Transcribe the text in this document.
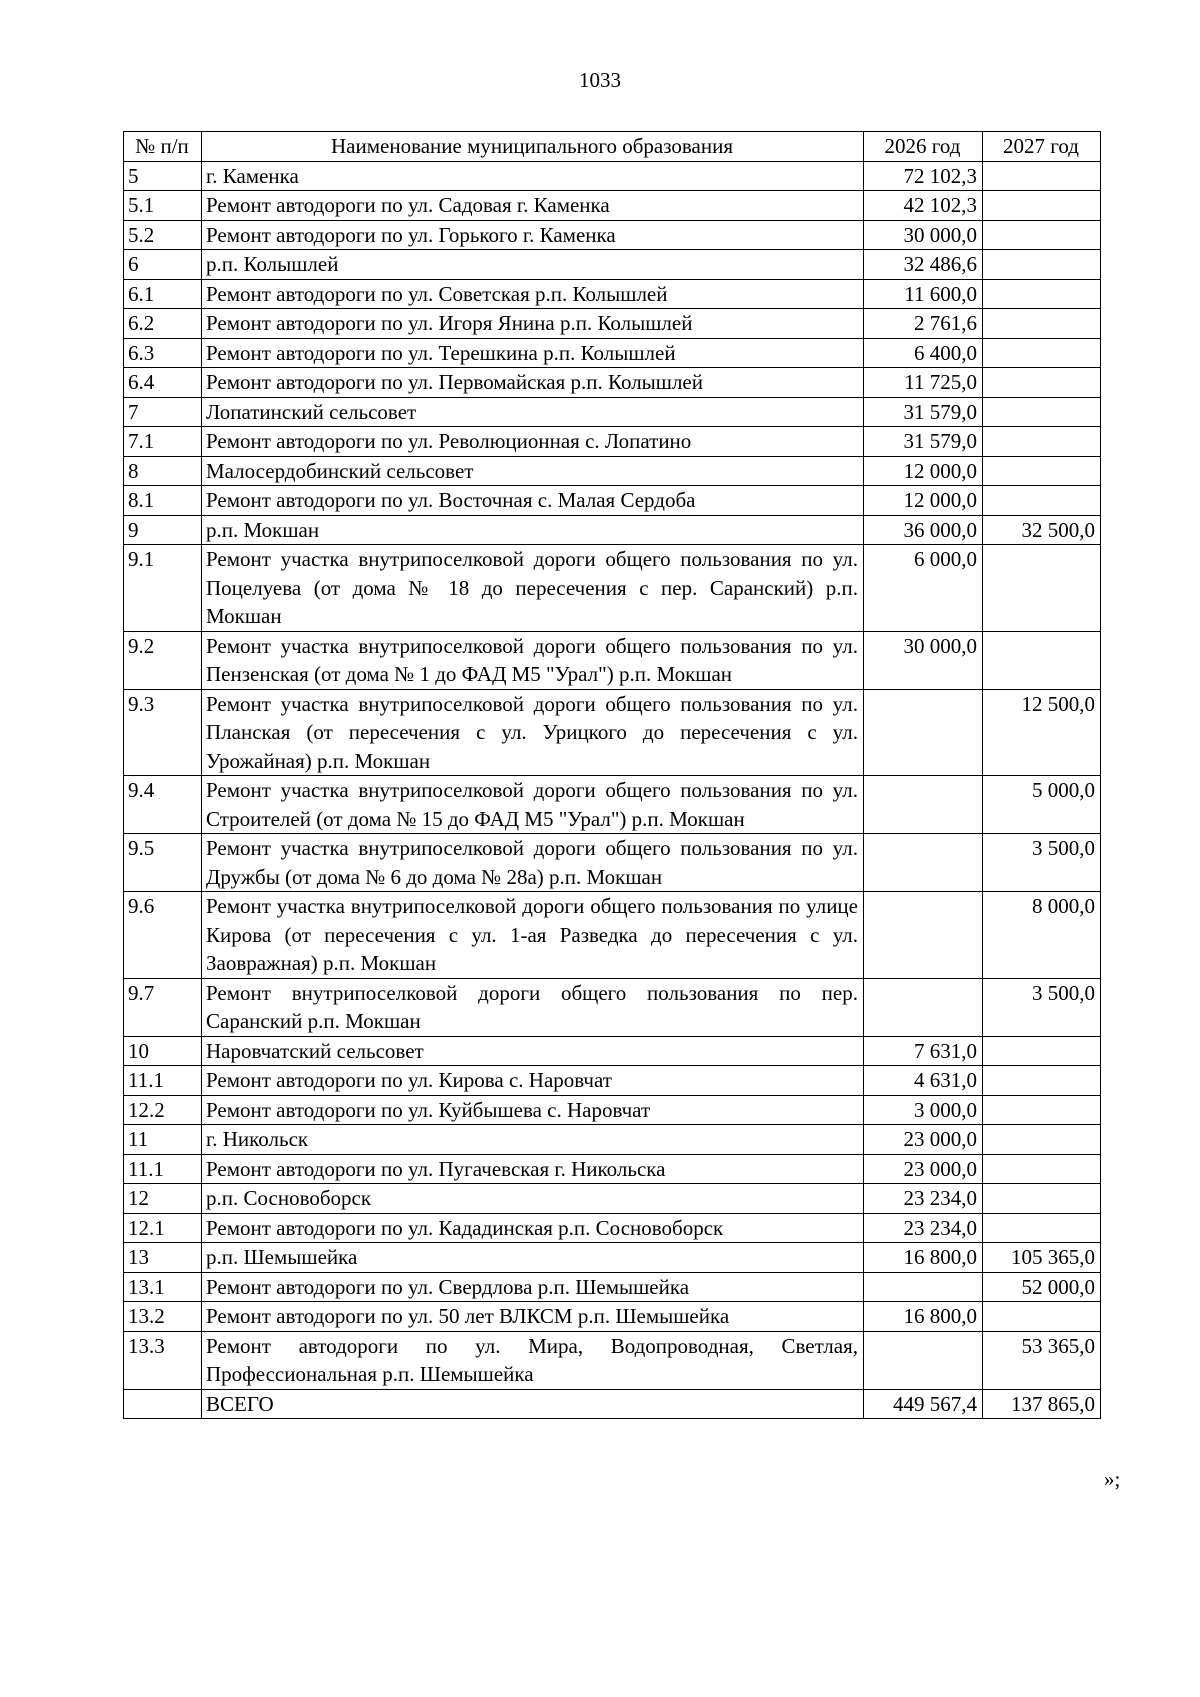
1033
№ п/п	Наименование муниципального образования	2026 год	2027 год
5	г. Каменка	72 102,3	
5.1	Ремонт автодороги по ул. Садовая г. Каменка	42 102,3	
5.2	Ремонт автодороги по ул. Горького г. Каменка	30 000,0	
6	р.п. Колышлей	32 486,6	
6.1	Ремонт автодороги по ул. Советская р.п. Колышлей	11 600,0	
6.2	Ремонт автодороги по ул. Игоря Янина р.п. Колышлей	2 761,6	
6.3	Ремонт автодороги по ул. Терешкина р.п. Колышлей	6 400,0	
6.4	Ремонт автодороги по ул. Первомайская р.п. Колышлей	11 725,0	
7	Лопатинский сельсовет	31 579,0	
7.1	Ремонт автодороги по ул. Революционная с. Лопатино	31 579,0	
8	Малосердобинский сельсовет	12 000,0	
8.1	Ремонт автодороги по ул. Восточная с. Малая Сердоба	12 000,0	
9	р.п. Мокшан	36 000,0	32 500,0
9.1	Ремонт участка внутрипоселковой дороги общего пользования по ул. Поцелуева (от дома № 18 до пересечения с пер. Саранский) р.п. Мокшан	6 000,0	
9.2	Ремонт участка внутрипоселковой дороги общего пользования по ул. Пензенская (от дома № 1 до ФАД М5 "Урал") р.п. Мокшан	30 000,0	
9.3	Ремонт участка внутрипоселковой дороги общего пользования по ул. Планская (от пересечения с ул. Урицкого до пересечения с ул. Урожайная) р.п. Мокшан		12 500,0
9.4	Ремонт участка внутрипоселковой дороги общего пользования по ул. Строителей (от дома № 15 до ФАД М5 "Урал") р.п. Мокшан		5 000,0
9.5	Ремонт участка внутрипоселковой дороги общего пользования по ул. Дружбы (от дома № 6 до дома № 28а) р.п. Мокшан		3 500,0
9.6	Ремонт участка внутрипоселковой дороги общего пользования по улице Кирова (от пересечения с ул. 1-ая Разведка до пересечения с ул. Заовражная) р.п. Мокшан		8 000,0
9.7	Ремонт внутрипоселковой дороги общего пользования по пер. Саранский р.п. Мокшан		3 500,0
10	Наровчатский сельсовет	7 631,0	
11.1	Ремонт автодороги по ул. Кирова с. Наровчат	4 631,0	
12.2	Ремонт автодороги по ул. Куйбышева с. Наровчат	3 000,0	
11	г. Никольск	23 000,0	
11.1	Ремонт автодороги по ул. Пугачевская г. Никольска	23 000,0	
12	р.п. Сосновоборск	23 234,0	
12.1	Ремонт автодороги по ул. Кададинская р.п. Сосновоборск	23 234,0	
13	р.п. Шемышейка	16 800,0	105 365,0
13.1	Ремонт автодороги по ул. Свердлова р.п. Шемышейка		52 000,0
13.2	Ремонт автодороги по ул. 50 лет ВЛКСМ р.п. Шемышейка	16 800,0	
13.3	Ремонт автодороги по ул. Мира, Водопроводная, Светлая, Профессиональная р.п. Шемышейка		53 365,0
	ВСЕГО	449 567,4	137 865,0
»;
